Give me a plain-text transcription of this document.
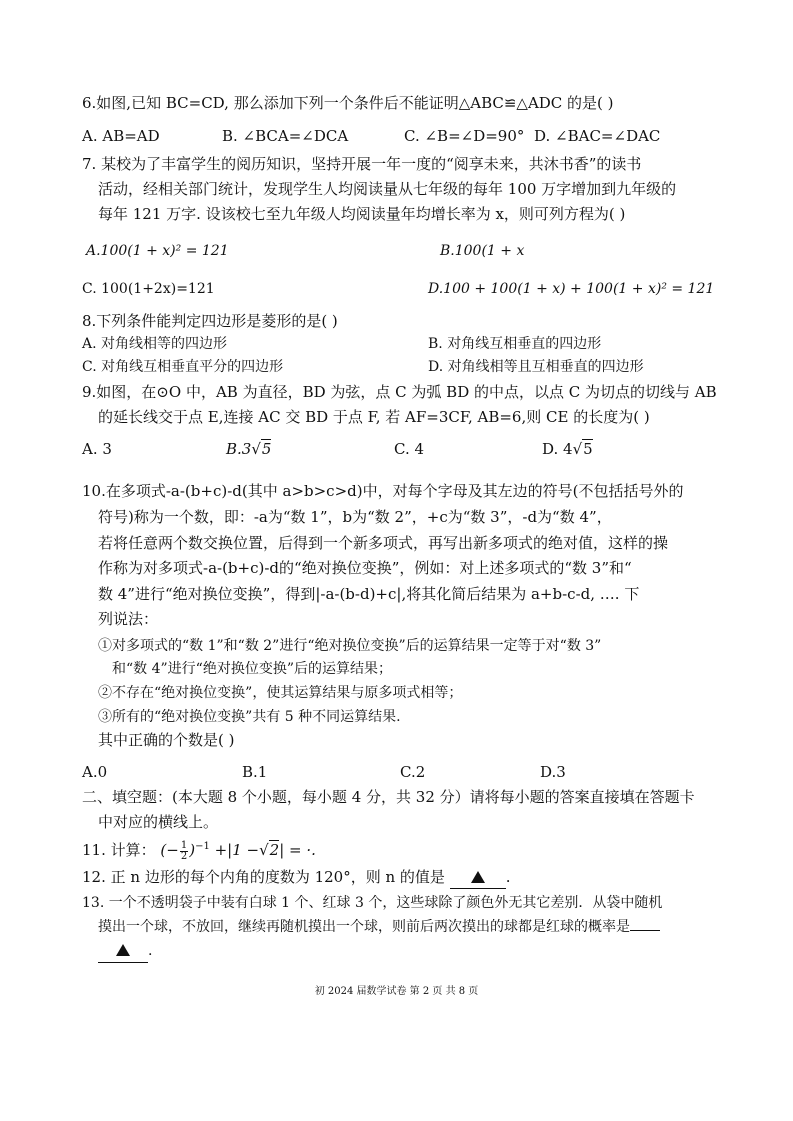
6.如图,已知 BC=CD, 那么添加下列一个条件后不能证明△ABC≌△ADC 的是( )
A. AB=AD	B. ∠BCA=∠DCA	C. ∠B=∠D=90° D. ∠BAC=∠DAC
7. 某校为了丰富学生的阅历知识，坚持开展一年一度的“阅享未来，共沐书香”的读书
活动，经相关部门统计，发现学生人均阅读量从七年级的每年 100 万字增加到九年级的
每年 121 万字. 设该校七至九年级人均阅读量年均增长率为 x，则可列方程为( )
A.100(1 + x)² = 121	B.100(1 + x
C. 100(1+2x)=121	D.100 + 100(1 + x) + 100(1 + x)² = 121
8.下列条件能判定四边形是菱形的是( )
A. 对角线相等的四边形	B. 对角线互相垂直的四边形
C. 对角线互相垂直平分的四边形	D. 对角线相等且互相垂直的四边形
9.如图，在⊙O 中，AB 为直径，BD 为弦，点 C 为弧 BD 的中点，以点 C 为切点的切线与 AB
的延长线交于点 E,连接 AC 交 BD 于点 F, 若 AF=3CF, AB=6,则 CE 的长度为( )
A. 3	B.3√5	C. 4	D. 4√5
10.在多项式-a-(b+c)-d(其中 a>b>c>d)中，对每个字母及其左边的符号(不包括括号外的
符号)称为一个数，即：-a为“数 1”，b为“数 2”，+c为“数 3”，-d为“数 4”，
若将任意两个数交换位置，后得到一个新多项式，再写出新多项式的绝对值，这样的操
作称为对多项式-a-(b+c)-d的“绝对换位变换”，例如：对上述多项式的“数 3”和“
数 4”进行“绝对换位变换”，得到|-a-(b-d)+c|,将其化简后结果为 a+b-c-d, …. 下
列说法：
①对多项式的“数 1”和“数 2”进行“绝对换位变换”后的运算结果一定等于对“数 3”
和“数 4”进行“绝对换位变换”后的运算结果；
②不存在“绝对换位变换”，使其运算结果与原多项式相等；
③所有的“绝对换位变换”共有 5 种不同运算结果.
其中正确的个数是( )
A.0	B.1	C.2	D.3
二、填空题：(本大题 8 个小题，每小题 4 分，共 32 分）请将每小题的答案直接填在答题卡
中对应的横线上。
11. 计算： (− $\frac{1}{2} )^{-1} +|1 -√2|$ = ·.
12. 正 n 边形的每个内角的度数为 120°，则 n 的值是	.
13. 一个不透明袋子中装有白球 1 个、红球 3 个，这些球除了颜色外无其它差别．从袋中随机
摸出一个球，不放回，继续再随机摸出一个球，则前后两次摸出的球都是红球的概率是
.
初 2024 届数学试卷 第 2 页 共 8 页
